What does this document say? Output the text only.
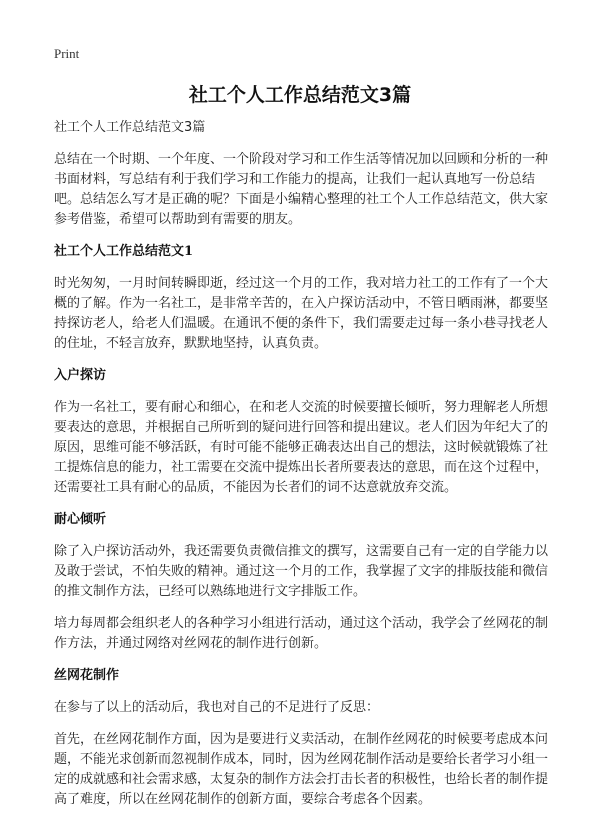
Print
社工个人工作总结范文3篇

社工个人工作总结范文3篇

总结在一个时期、一个年度、一个阶段对学习和工作生活等情况加以回顾和分析的一种书面材料，写总结有利于我们学习和工作能力的提高，让我们一起认真地写一份总结吧。总结怎么写才是正确的呢？下面是小编精心整理的社工个人工作总结范文，供大家参考借鉴，希望可以帮助到有需要的朋友。

社工个人工作总结范文1

时光匆匆，一月时间转瞬即逝，经过这一个月的工作，我对培力社工的工作有了一个大概的了解。作为一名社工，是非常辛苦的，在入户探访活动中，不管日晒雨淋，都要坚持探访老人，给老人们温暖。在通讯不便的条件下，我们需要走过每一条小巷寻找老人的住址，不轻言放弃，默默地坚持，认真负责。

入户探访

作为一名社工，要有耐心和细心，在和老人交流的时候要擅长倾听，努力理解老人所想要表达的意思，并根据自己所听到的疑问进行回答和提出建议。老人们因为年纪大了的原因，思维可能不够活跃，有时可能不能够正确表达出自己的想法，这时候就锻炼了社工提炼信息的能力，社工需要在交流中提炼出长者所要表达的意思，而在这个过程中，还需要社工具有耐心的品质，不能因为长者们的词不达意就放弃交流。

耐心倾听

除了入户探访活动外，我还需要负责微信推文的撰写，这需要自己有一定的自学能力以及敢于尝试，不怕失败的精神。通过这一个月的工作，我掌握了文字的排版技能和微信的推文制作方法，已经可以熟练地进行文字排版工作。

培力每周都会组织老人的各种学习小组进行活动，通过这个活动，我学会了丝网花的制作方法，并通过网络对丝网花的制作进行创新。

丝网花制作

在参与了以上的活动后，我也对自己的不足进行了反思：

首先，在丝网花制作方面，因为是要进行义卖活动，在制作丝网花的时候要考虑成本问题，不能光求创新而忽视制作成本，同时，因为丝网花制作活动是要给长者学习小组一定的成就感和社会需求感，太复杂的制作方法会打击长者的积极性，也给长者的制作提高了难度，所以在丝网花制作的创新方面，要综合考虑各个因素。
